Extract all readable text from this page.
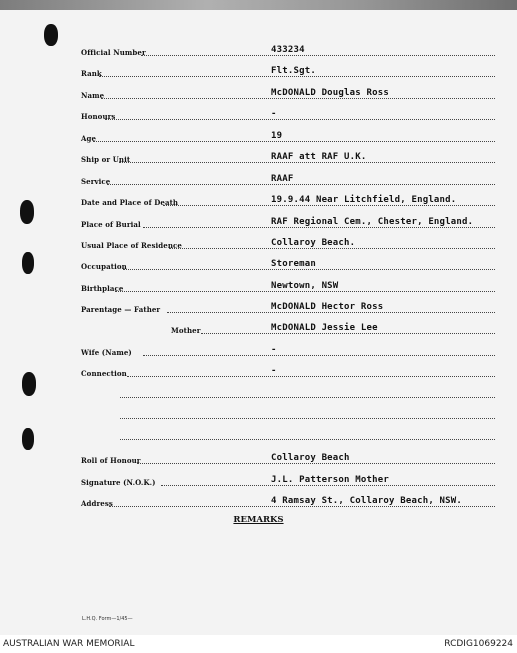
Official Number	433234
Rank	Flt.Sgt.
Name	McDONALD Douglas Ross
Honours	-
Age	19
Ship or Unit	RAAF att RAF U.K.
Service	RAAF
Date and Place of Death	19.9.44 Near Litchfield, England.
Place of Burial	RAF Regional Cem., Chester, England.
Usual Place of Residence	Collaroy Beach.
Occupation	Storeman
Birthplace	Newtown, NSW
Parentage — Father	McDONALD Hector Ross
Mother	McDONALD Jessie Lee
Wife (Name)	-
Connection	-
Roll of Honour	Collaroy Beach
Signature (N.O.K.)	J.L. Patterson Mother
Address	4 Ramsay St., Collaroy Beach, NSW.
REMARKS
L.H.Q. Form—1/45—
AUSTRALIAN WAR MEMORIAL	RCDIG1069224
